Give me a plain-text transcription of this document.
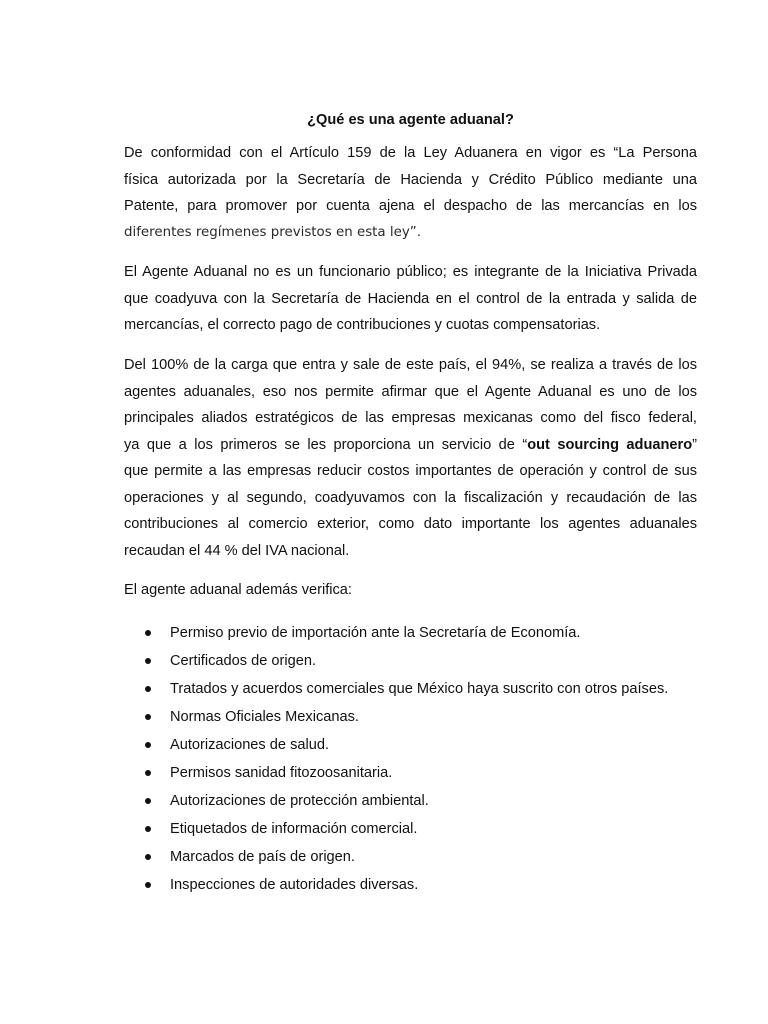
¿Qué es una agente aduanal?

De conformidad con el Artículo 159 de la Ley Aduanera en vigor es “La Persona
física autorizada por la Secretaría de Hacienda y Crédito Público mediante una
Patente, para promover por cuenta ajena el despacho de las mercancías en los
diferentes regímenes previstos en esta ley”.

El Agente Aduanal no es un funcionario público; es integrante de la Iniciativa Privada
que coadyuva con la Secretaría de Hacienda en el control de la entrada y salida de
mercancías, el correcto pago de contribuciones y cuotas compensatorias.

Del 100% de la carga que entra y sale de este país, el 94%, se realiza a través de los
agentes aduanales, eso nos permite afirmar que el Agente Aduanal es uno de los
principales aliados estratégicos de las empresas mexicanas como del fisco federal,
ya que a los primeros se les proporciona un servicio de “out sourcing aduanero”
que permite a las empresas reducir costos importantes de operación y control de sus
operaciones y al segundo, coadyuvamos con la fiscalización y recaudación de las
contribuciones al comercio exterior, como dato importante los agentes aduanales
recaudan el 44 % del IVA nacional.

El agente aduanal además verifica:

Permiso previo de importación ante la Secretaría de Economía.
Certificados de origen.
Tratados y acuerdos comerciales que México haya suscrito con otros países.
Normas Oficiales Mexicanas.
Autorizaciones de salud.
Permisos sanidad fitozoosanitaria.
Autorizaciones de protección ambiental.
Etiquetados de información comercial.
Marcados de país de origen.
Inspecciones de autoridades diversas.
